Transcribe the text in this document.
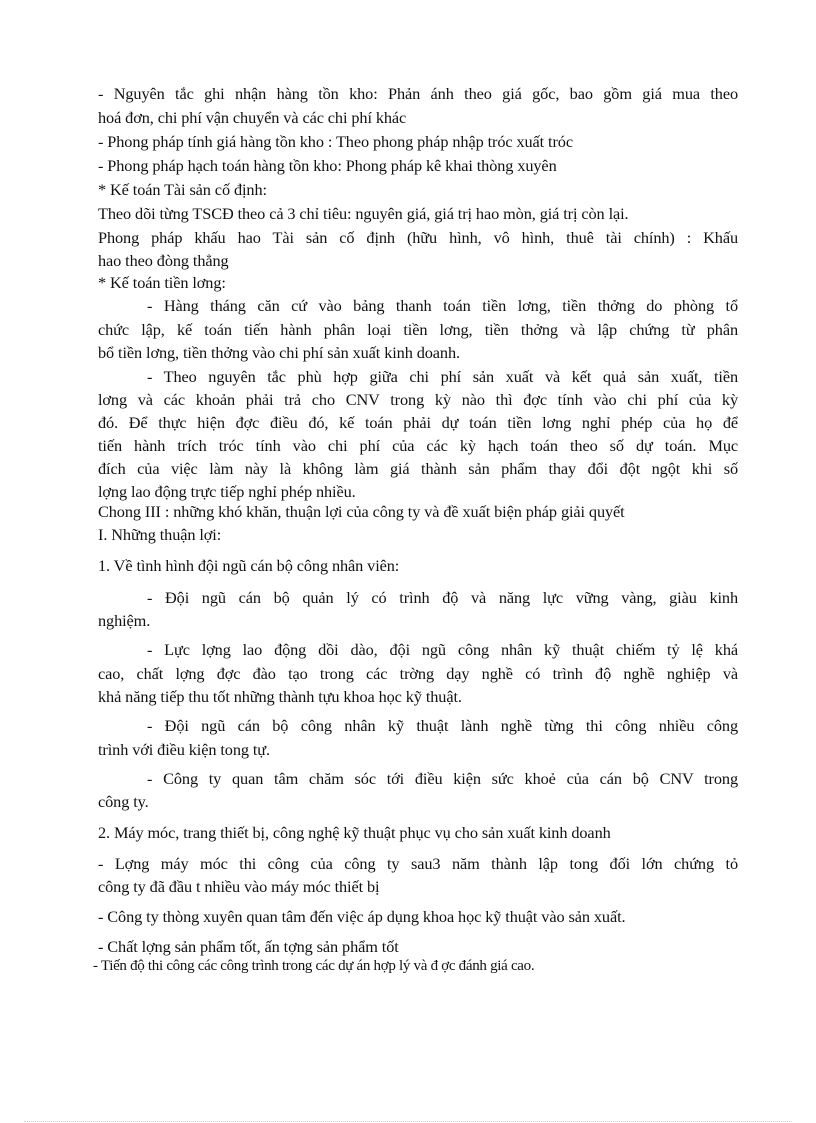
- Nguyên tắc ghi nhận hàng tồn kho: Phản ánh theo giá gốc, bao gồm giá mua theo
hoá đơn, chi phí vận chuyển và các chi phí khác
- Phong pháp tính giá hàng tồn kho : Theo phong pháp nhập tróc xuất tróc
- Phong pháp hạch toán hàng tồn kho: Phong pháp kê khai thòng xuyên
* Kế toán Tài sản cố định:
Theo dõi từng TSCĐ theo cả 3 chỉ tiêu: nguyên giá, giá trị hao mòn, giá trị còn lại.
Phong pháp khấu hao Tài sản cố định (hữu hình, vô hình, thuê tài chính) : Khấu
hao theo đòng thẳng
* Kế toán tiền lơng:
- Hàng tháng căn cứ vào bảng thanh toán tiền lơng, tiền thởng do phòng tổ
chức lập, kế toán tiến hành phân loại tiền lơng, tiền thởng và lập chứng từ phân
bổ tiền lơng, tiền thởng vào chi phí sản xuất kinh doanh.
- Theo nguyên tắc phù hợp giữa chi phí sản xuất và kết quả sản xuất, tiền
lơng và các khoản phải trả cho CNV trong kỳ nào thì đợc tính vào chi phí của kỳ
đó. Để thực hiện đợc điều đó, kế toán phải dự toán tiền lơng nghỉ phép của họ để
tiến hành trích tróc tính vào chi phí của các kỳ hạch toán theo số dự toán. Mục
đích của việc làm này là không làm giá thành sản phẩm thay đổi đột ngột khi số
lợng lao động trực tiếp nghỉ phép nhiều.
Chong III : những khó khăn, thuận lợi của công ty và đề xuất biện pháp giải quyết
I. Những thuận lợi:
1. Về tình hình đội ngũ cán bộ công nhân viên:
- Đội ngũ cán bộ quản lý có trình độ và năng lực vững vàng, giàu kinh
nghiệm.
- Lực lợng lao động dồi dào, đội ngũ công nhân kỹ thuật chiếm tỷ lệ khá
cao, chất lợng đợc đào tạo trong các trờng dạy nghề có trình độ nghề nghiệp và
khả năng tiếp thu tốt những thành tựu khoa học kỹ thuật.
- Đội ngũ cán bộ công nhân kỹ thuật lành nghề từng thi công nhiều công
trình với điều kiện tong tự.
- Công ty quan tâm chăm sóc tới điều kiện sức khoẻ của cán bộ CNV trong
công ty.
2. Máy móc, trang thiết bị, công nghệ kỹ thuật phục vụ cho sản xuất kinh doanh
- Lợng máy móc thi công của công ty sau3 năm thành lập tong đối lớn chứng tỏ
công ty đã đầu t nhiều vào máy móc thiết bị
- Công ty thòng xuyên quan tâm đến việc áp dụng khoa học kỹ thuật vào sản xuất.
- Chất lợng sản phẩm tốt, ấn tợng sản phẩm tốt
- Tiến độ thi công các công trình trong các dự án hợp lý và đ ợc đánh giá cao.
